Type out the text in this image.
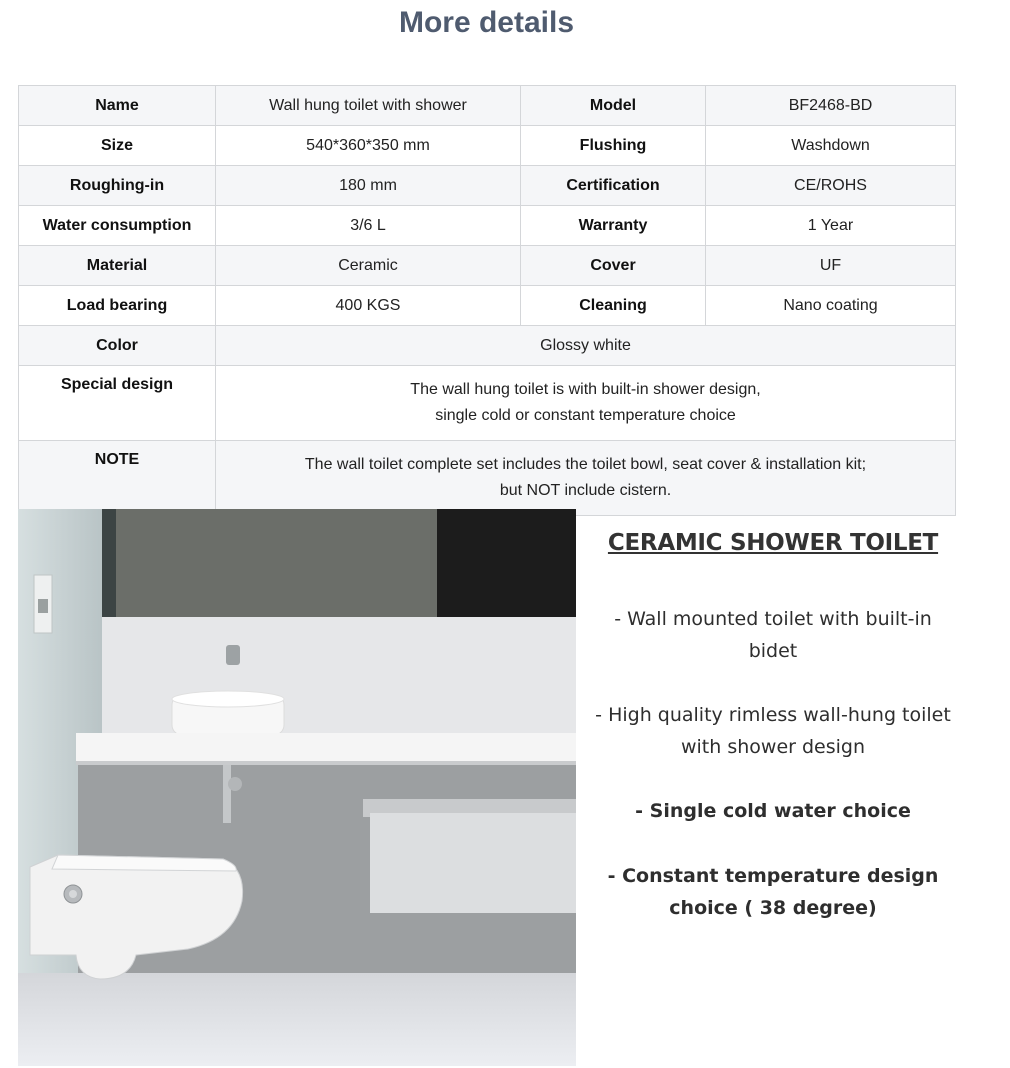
More details
Name	Wall hung toilet with shower	Model	BF2468-BD
Size	540*360*350 mm	Flushing	Washdown
Roughing-in	180 mm	Certification	CE/ROHS
Water consumption	3/6 L	Warranty	1 Year
Material	Ceramic	Cover	UF
Load bearing	400 KGS	Cleaning	Nano coating
Color	Glossy white		
Special design	The wall hung toilet is with built-in shower design,
single cold or constant temperature choice		

NOTE	The wall toilet complete set includes the toilet bowl, seat cover & installation kit;
but NOT include cistern.		
CERAMIC SHOWER TOILET

- Wall mounted toilet with built-in bidet

- High quality rimless wall-hung toilet with shower design

- Single cold water choice

- Constant temperature design choice ( 38 degree)
